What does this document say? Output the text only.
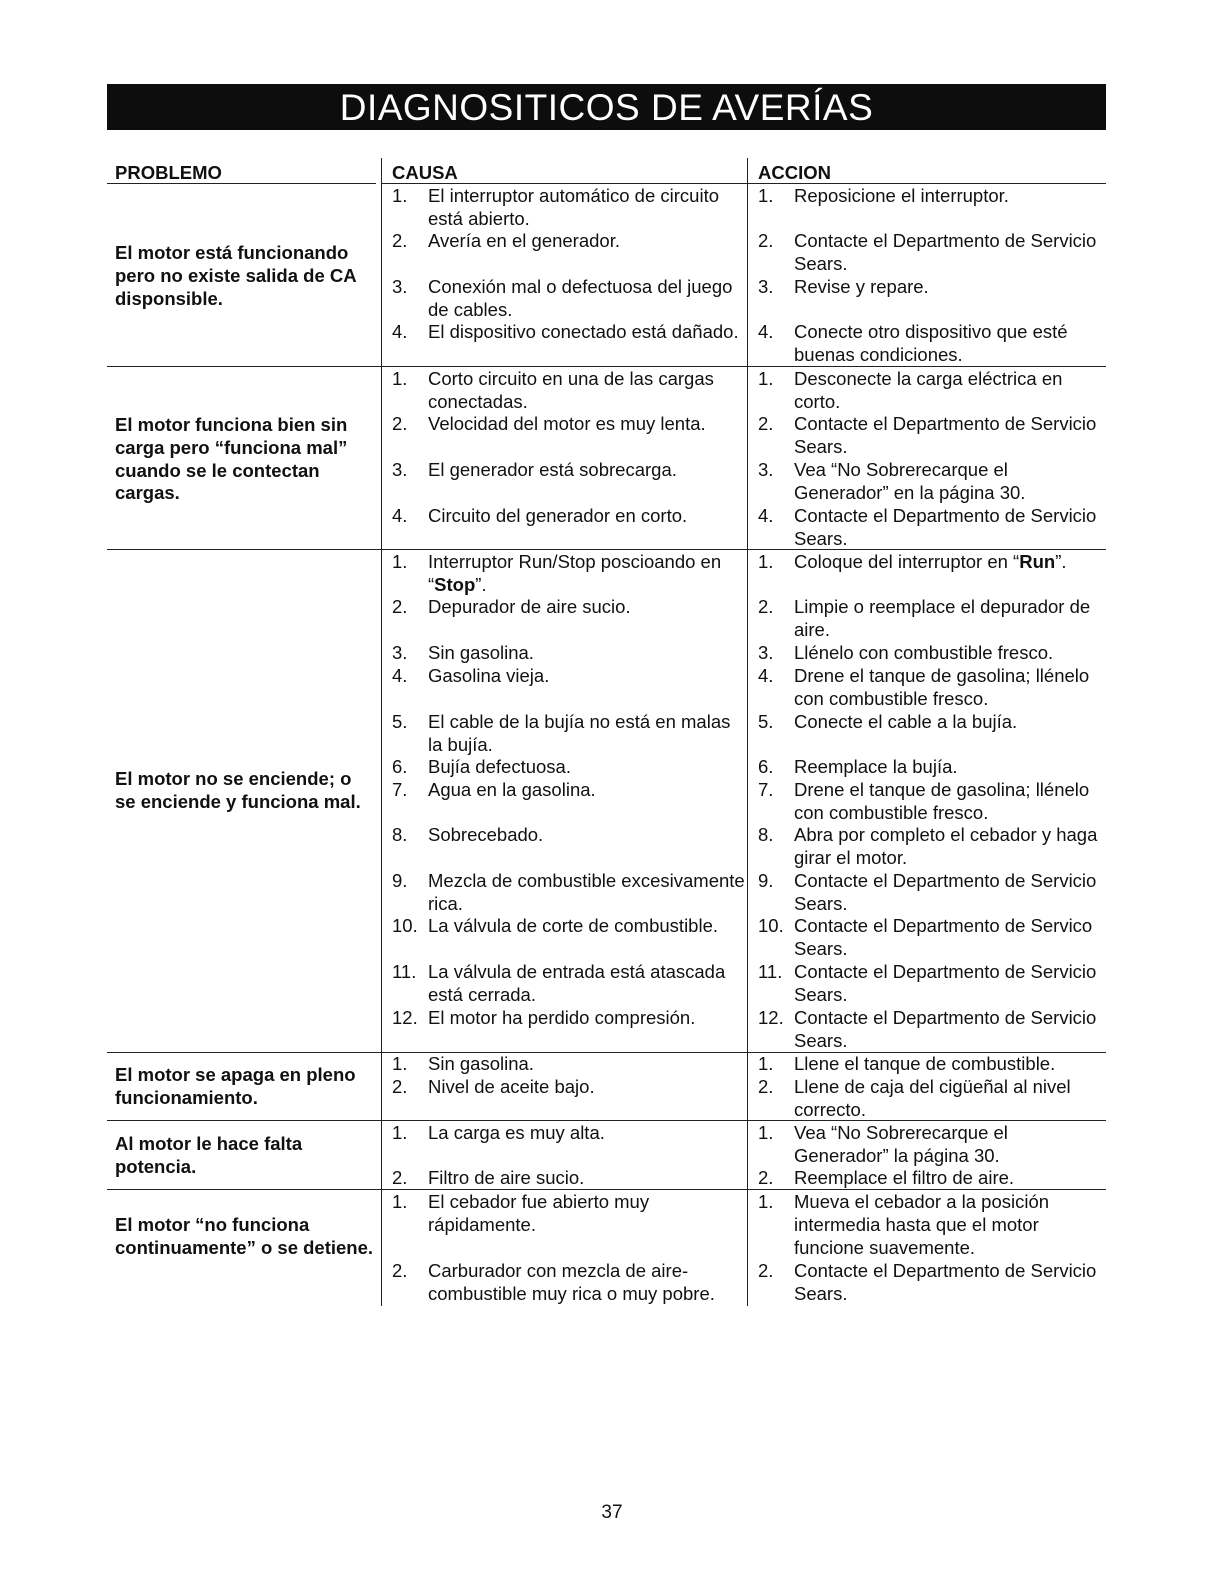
DIAGNOSITICOS DE AVERÍAS
PROBLEMO	CAUSA	ACCION
El motor está funcionando pero no existe salida de CA disponsible.
1. El interruptor automático de circuito está abierto.
2. Avería en el generador.
3. Conexión mal o defectuosa del juego de cables.
4. El dispositivo conectado está dañado.
1. Reposicione el interruptor.
2. Contacte el Departmento de Servicio Sears.
3. Revise y repare.
4. Conecte otro dispositivo que esté buenas condiciones.
El motor funciona bien sin carga pero “funciona mal” cuando se le contectan cargas.
1. Corto circuito en una de las cargas conectadas.
2. Velocidad del motor es muy lenta.
3. El generador está sobrecarga.
4. Circuito del generador en corto.
1. Desconecte la carga eléctrica en corto.
2. Contacte el Departmento de Servicio Sears.
3. Vea “No Sobrerecarque el Generador” en la página 30.
4. Contacte el Departmento de Servicio Sears.
El motor no se enciende; o se enciende y funciona mal.
1. Interruptor Run/Stop poscioando en “Stop”.
2. Depurador de aire sucio.
3. Sin gasolina.
4. Gasolina vieja.
5. El cable de la bujía no está en malas la bujía.
6. Bujía defectuosa.
7. Agua en la gasolina.
8. Sobrecebado.
9. Mezcla de combustible excesivamente rica.
10. La válvula de corte de combustible.
11. La válvula de entrada está atascada está cerrada.
12. El motor ha perdido compresión.
1. Coloque del interruptor en “Run”.
2. Limpie o reemplace el depurador de aire.
3. Llénelo con combustible fresco.
4. Drene el tanque de gasolina; llénelo con combustible fresco.
5. Conecte el cable a la bujía.
6. Reemplace la bujía.
7. Drene el tanque de gasolina; llénelo con combustible fresco.
8. Abra por completo el cebador y haga girar el motor.
9. Contacte el Departmento de Servicio Sears.
10. Contacte el Departmento de Servico Sears.
11. Contacte el Departmento de Servicio Sears.
12. Contacte el Departmento de Servicio Sears.
El motor se apaga en pleno funcionamiento.
1. Sin gasolina.
2. Nivel de aceite bajo.
1. Llene el tanque de combustible.
2. Llene de caja del cigüeñal al nivel correcto.
Al motor le hace falta potencia.
1. La carga es muy alta.
2. Filtro de aire sucio.
1. Vea “No Sobrerecarque el Generador” la página 30.
2. Reemplace el filtro de aire.
El motor “no funciona continuamente” o se detiene.
1. El cebador fue abierto muy rápidamente.
2. Carburador con mezcla de aire-combustible muy rica o muy pobre.
1. Mueva el cebador a la posición intermedia hasta que el motor funcione suavemente.
2. Contacte el Departmento de Servicio Sears.
37
